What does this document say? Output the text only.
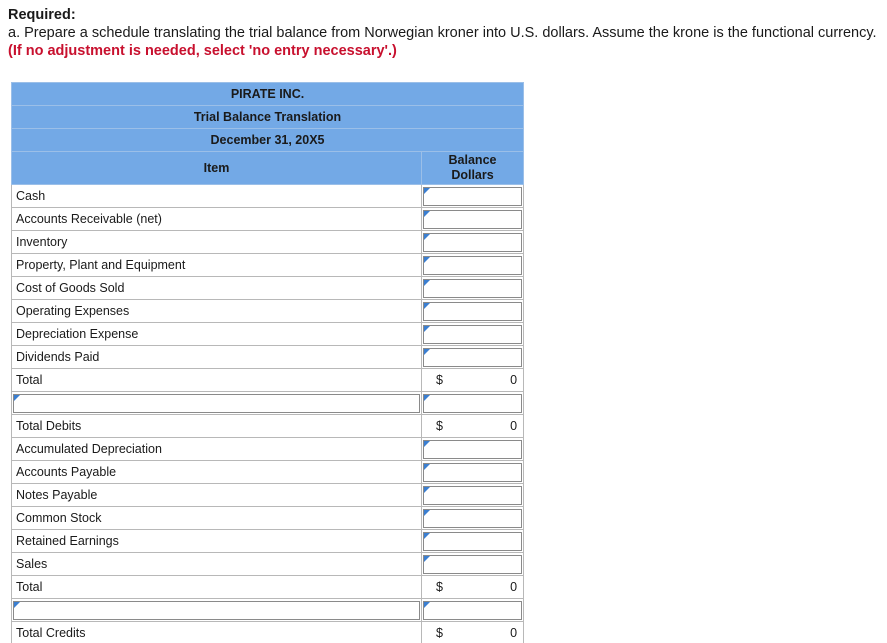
Required:
a. Prepare a schedule translating the trial balance from Norwegian kroner into U.S. dollars. Assume the krone is the functional currency. (If no adjustment is needed, select 'no entry necessary'.)
PIRATE INC.	
Trial Balance Translation	
December 31, 20X5	
Item	Balance
Dollars
Cash	

Accounts Receivable (net)	

Inventory	

Property, Plant and Equipment	

Cost of Goods Sold	

Operating Expenses	

Depreciation Expense	

Dividends Paid	

Total	$ 0

Total Debits	$ 0

Accumulated Depreciation	

Accounts Payable	

Notes Payable	

Common Stock	

Retained Earnings	

Sales	

Total	$ 0

Total Credits	$ 0
